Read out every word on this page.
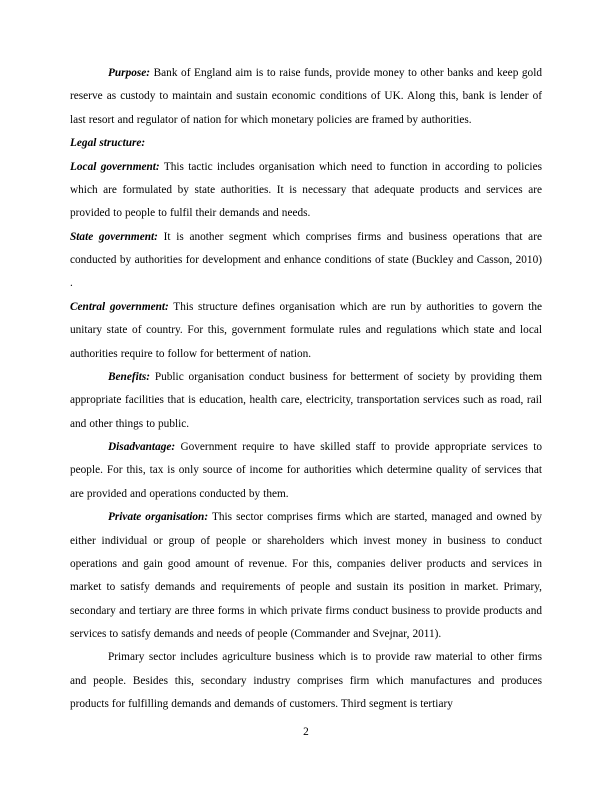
Purpose: Bank of England aim is to raise funds, provide money to other banks and keep gold reserve as custody to maintain and sustain economic conditions of UK. Along this, bank is lender of last resort and regulator of nation for which monetary policies are framed by authorities.

Legal structure:

Local government: This tactic includes organisation which need to function in according to policies which are formulated by state authorities. It is necessary that adequate products and services are provided to people to fulfil their demands and needs.

State government: It is another segment which comprises firms and business operations that are conducted by authorities for development and enhance conditions of state (Buckley and Casson, 2010) .

Central government: This structure defines organisation which are run by authorities to govern the unitary state of country. For this, government formulate rules and regulations which state and local authorities require to follow for betterment of nation.

Benefits: Public organisation conduct business for betterment of society by providing them appropriate facilities that is education, health care, electricity, transportation services such as road, rail and other things to public.

Disadvantage: Government require to have skilled staff to provide appropriate services to people. For this, tax is only source of income for authorities which determine quality of services that are provided and operations conducted by them.

Private organisation: This sector comprises firms which are started, managed and owned by either individual or group of people or shareholders which invest money in business to conduct operations and gain good amount of revenue. For this, companies deliver products and services in market to satisfy demands and requirements of people and sustain its position in market. Primary, secondary and tertiary are three forms in which private firms conduct business to provide products and services to satisfy demands and needs of people (Commander and Svejnar, 2011).

Primary sector includes agriculture business which is to provide raw material to other firms and people. Besides this, secondary industry comprises firm which manufactures and produces products for fulfilling demands and demands of customers. Third segment is tertiary

2
